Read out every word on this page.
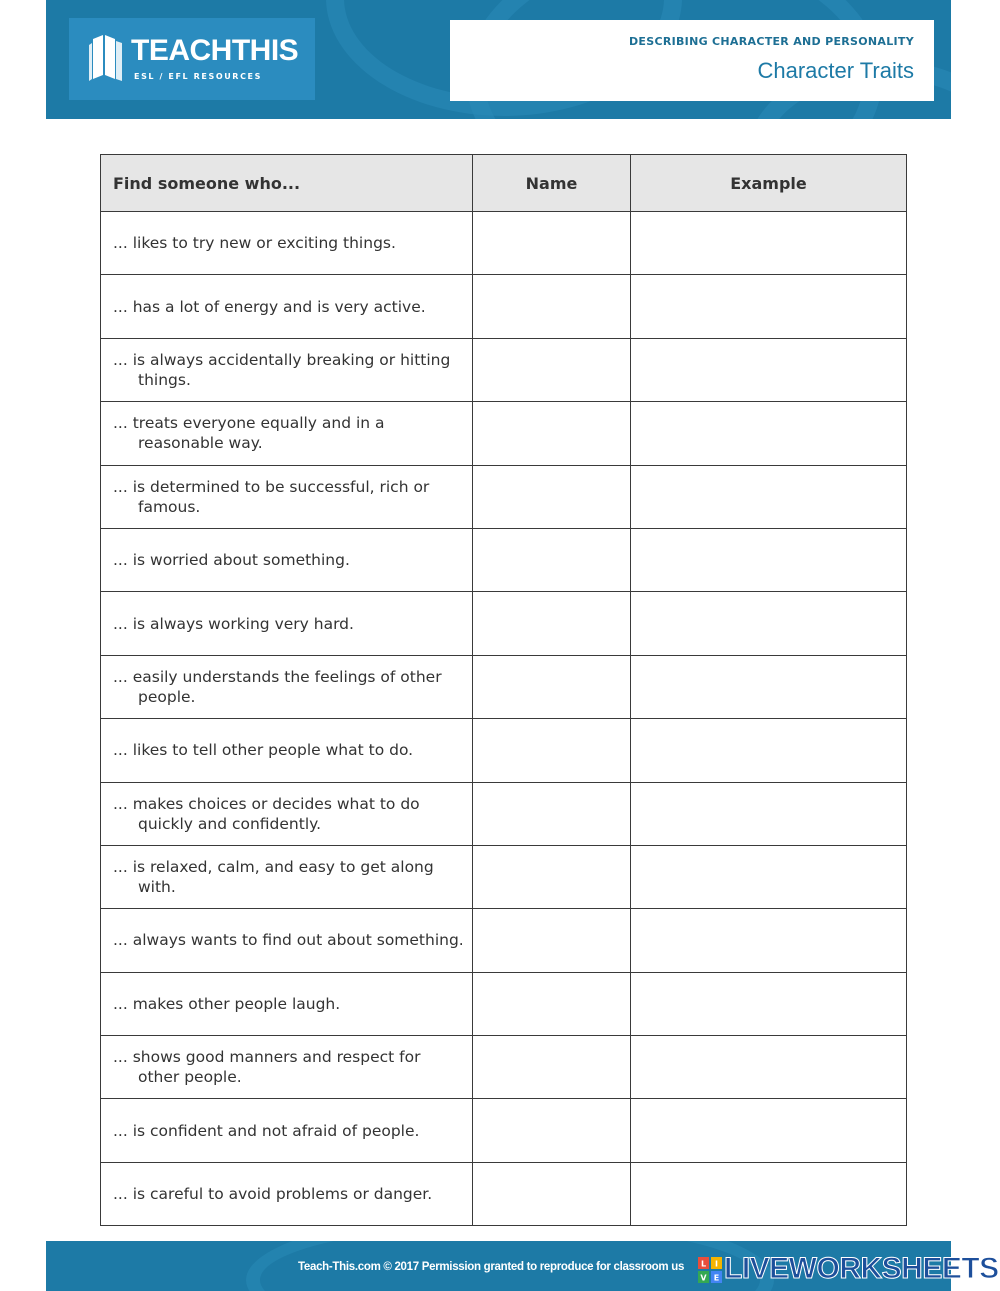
TEACHTHIS
ESL / EFL RESOURCES
DESCRIBING CHARACTER AND PERSONALITY
Character Traits
Find someone who...	Name	Example

... likes to try new or exciting things.		

... has a lot of energy and is very active.		

... is always accidentally breaking or hitting things.		

... treats everyone equally and in a reasonable way.		

... is determined to be successful, rich or famous.		

... is worried about something.		

... is always working very hard.		

... easily understands the feelings of other people.		

... likes to tell other people what to do.		

... makes choices or decides what to do quickly and confidently.		

... is relaxed, calm, and easy to get along with.		

... always wants to find out about something.		

... makes other people laugh.		

... shows good manners and respect for other people.		

... is confident and not afraid of people.		

... is careful to avoid problems or danger.		

Teach-This.com © 2017 Permission granted to reproduce for classroom us L I
V E LIVEWORKSHEETS
